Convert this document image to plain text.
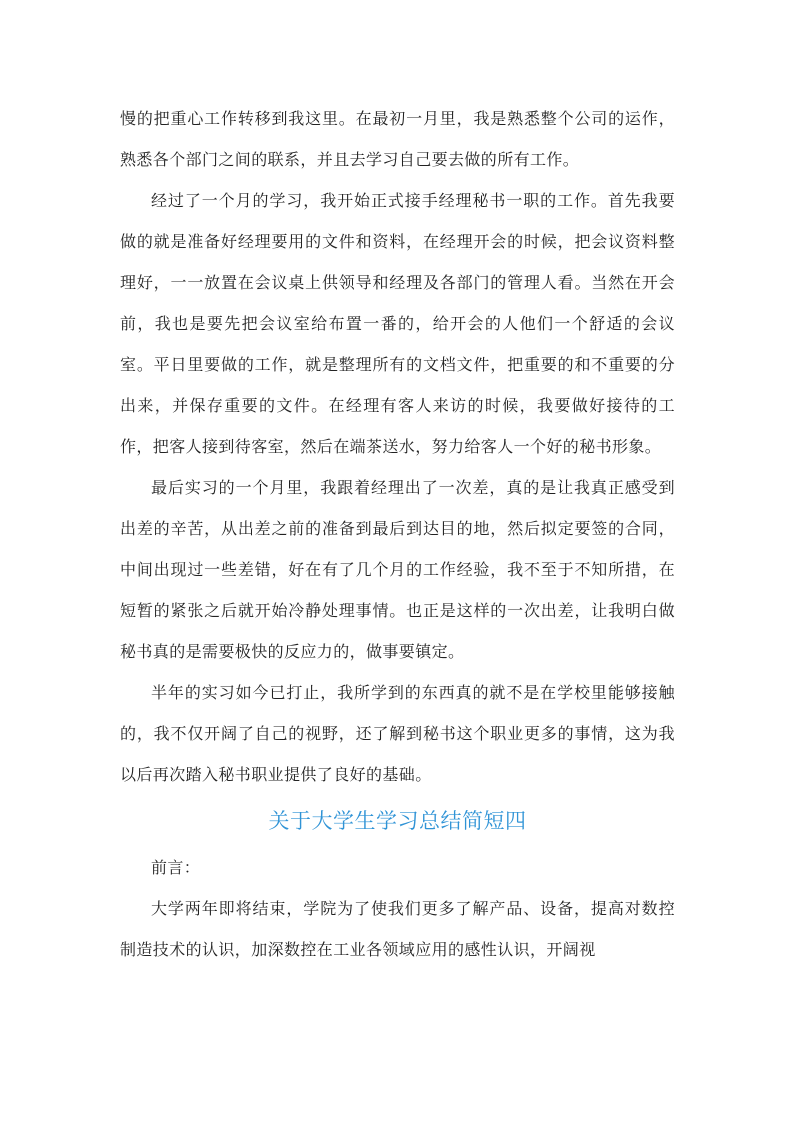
慢的把重心工作转移到我这里。在最初一月里，我是熟悉整个公司的运作，熟悉各个部门之间的联系，并且去学习自己要去做的所有工作。

经过了一个月的学习，我开始正式接手经理秘书一职的工作。首先我要做的就是准备好经理要用的文件和资料，在经理开会的时候，把会议资料整理好，一一放置在会议桌上供领导和经理及各部门的管理人看。当然在开会前，我也是要先把会议室给布置一番的，给开会的人他们一个舒适的会议室。平日里要做的工作，就是整理所有的文档文件，把重要的和不重要的分出来，并保存重要的文件。在经理有客人来访的时候，我要做好接待的工作，把客人接到待客室，然后在端茶送水，努力给客人一个好的秘书形象。

最后实习的一个月里，我跟着经理出了一次差，真的是让我真正感受到出差的辛苦，从出差之前的准备到最后到达目的地，然后拟定要签的合同，中间出现过一些差错，好在有了几个月的工作经验，我不至于不知所措，在短暂的紧张之后就开始冷静处理事情。也正是这样的一次出差，让我明白做秘书真的是需要极快的反应力的，做事要镇定。

半年的实习如今已打止，我所学到的东西真的就不是在学校里能够接触的，我不仅开阔了自己的视野，还了解到秘书这个职业更多的事情，这为我以后再次踏入秘书职业提供了良好的基础。

关于大学生学习总结简短四

前言：

大学两年即将结束，学院为了使我们更多了解产品、设备，提高对数控制造技术的认识，加深数控在工业各领域应用的感性认识，开阔视
